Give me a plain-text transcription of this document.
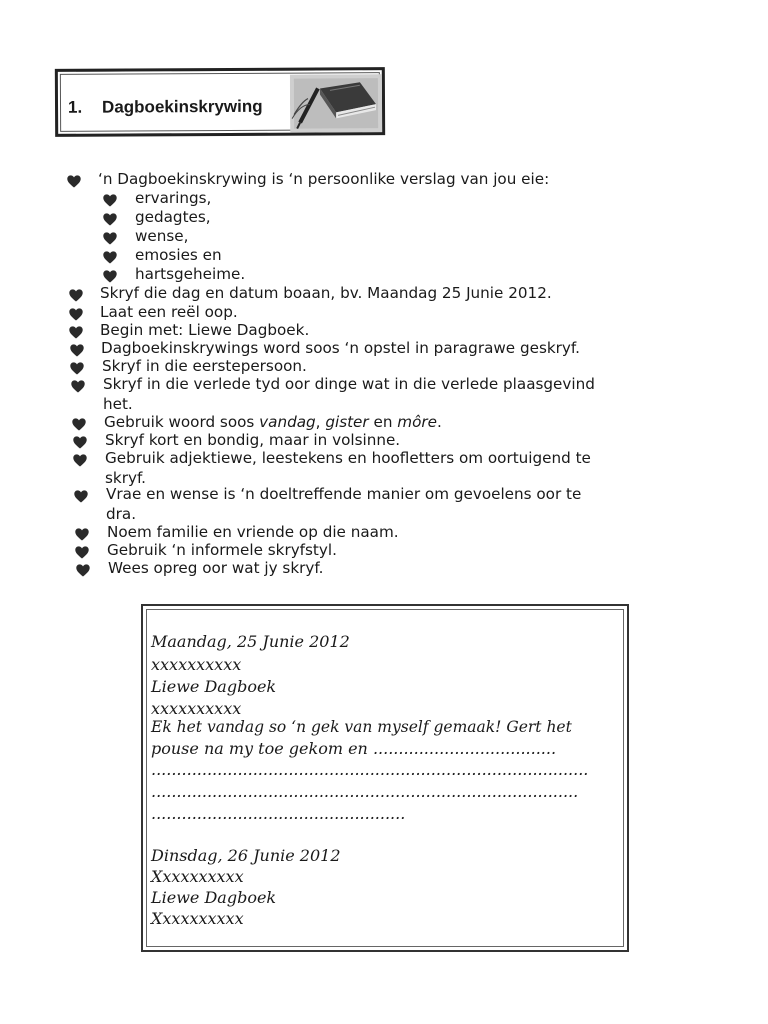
1. Dagboekinskrywing
‘n Dagboekinskrywing is ‘n persoonlike verslag van jou eie:
ervarings,
gedagtes,
wense,
emosies en
hartsgeheime.
Skryf die dag en datum boaan, bv. Maandag 25 Junie 2012.
Laat een reël oop.
Begin met: Liewe Dagboek.
Dagboekinskrywings word soos ‘n opstel in paragrawe geskryf.
Skryf in die eerstepersoon.
Skryf in die verlede tyd oor dinge wat in die verlede plaasgevind
het.
Gebruik woord soos vandag, gister en môre.
Skryf kort en bondig, maar in volsinne.
Gebruik adjektiewe, leestekens en hoofletters om oortuigend te
skryf.
Vrae en wense is ‘n doeltreffende manier om gevoelens oor te
dra.
Noem familie en vriende op die naam.
Gebruik ‘n informele skryfstyl.
Wees opreg oor wat jy skryf.
Maandag, 25 Junie 2012
xxxxxxxxxx
Liewe Dagboek
xxxxxxxxxx
Ek het vandag so ‘n gek van myself gemaak! Gert het
pouse na my toe gekom en ....................................
......................................................................................
....................................................................................
..................................................
Dinsdag, 26 Junie 2012
Xxxxxxxxxx
Liewe Dagboek
Xxxxxxxxxx
